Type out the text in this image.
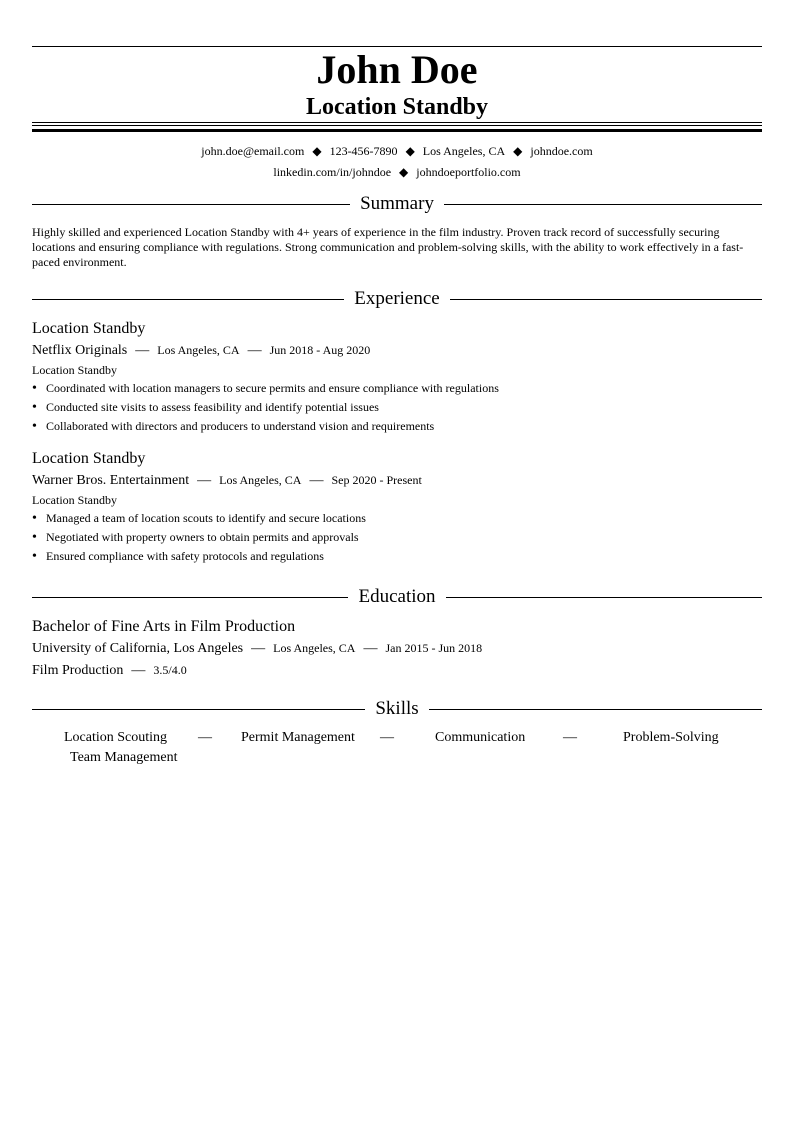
John Doe
Location Standby
john.doe@email.com ◆ 123-456-7890 ◆ Los Angeles, CA ◆ johndoe.com
linkedin.com/in/johndoe ◆ johndoeportfolio.com
Summary
Highly skilled and experienced Location Standby with 4+ years of experience in the film industry. Proven track record of successfully securing locations and ensuring compliance with regulations. Strong communication and problem-solving skills, with the ability to work effectively in a fast-paced environment.
Experience
Location Standby
Netflix Originals — Los Angeles, CA — Jun 2018 - Aug 2020
Location Standby
• Coordinated with location managers to secure permits and ensure compliance with regulations
• Conducted site visits to assess feasibility and identify potential issues
• Collaborated with directors and producers to understand vision and requirements
Location Standby
Warner Bros. Entertainment — Los Angeles, CA — Sep 2020 - Present
Location Standby
• Managed a team of location scouts to identify and secure locations
• Negotiated with property owners to obtain permits and approvals
• Ensured compliance with safety protocols and regulations
Education
Bachelor of Fine Arts in Film Production
University of California, Los Angeles — Los Angeles, CA — Jan 2015 - Jun 2018
Film Production — 3.5/4.0
Skills
Location Scouting — Permit Management —	Communication	—	Problem-Solving
Team Management
